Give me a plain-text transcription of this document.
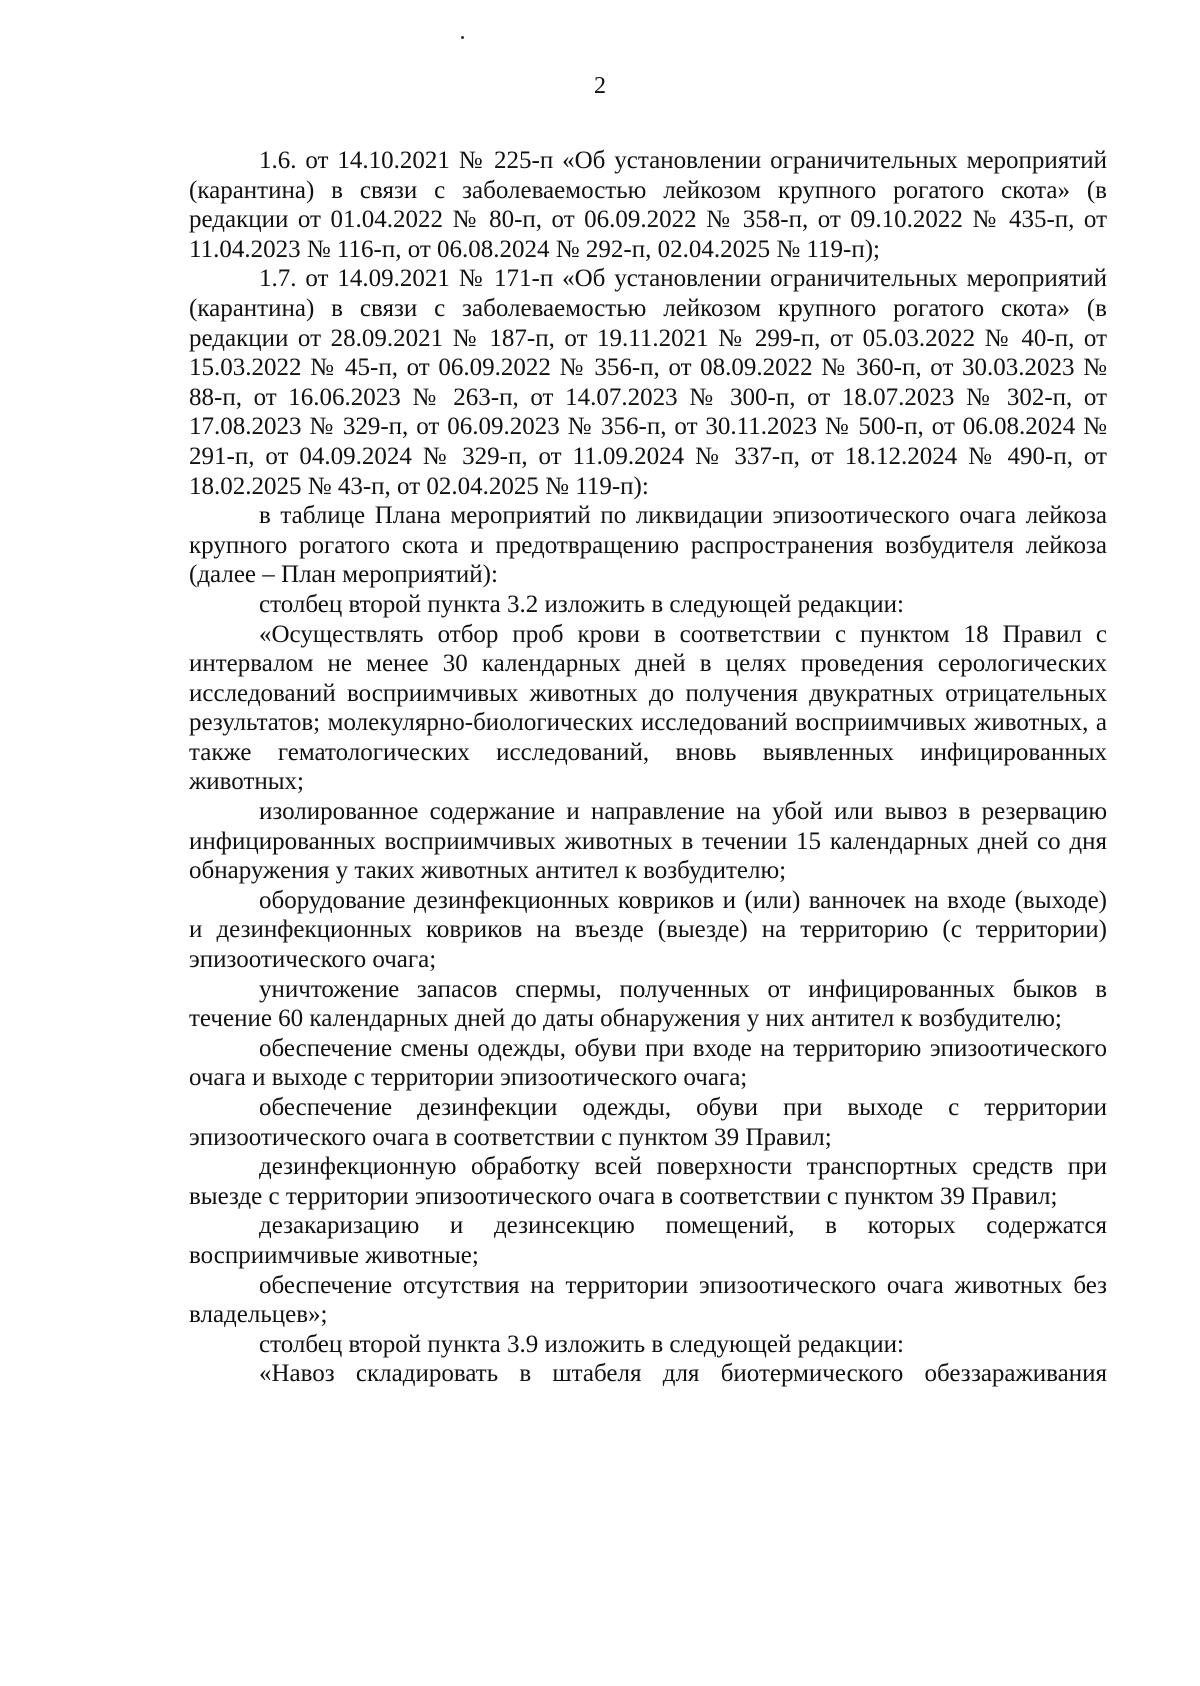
2

1.6. от 14.10.2021 № 225-п «Об установлении ограничительных мероприятий (карантина) в связи с заболеваемостью лейкозом крупного рогатого скота» (в редакции от 01.04.2022 № 80-п, от 06.09.2022 № 358-п, от 09.10.2022 № 435-п, от 11.04.2023 № 116-п, от 06.08.2024 № 292-п, 02.04.2025 № 119-п);

1.7. от 14.09.2021 № 171-п «Об установлении ограничительных мероприятий (карантина) в связи с заболеваемостью лейкозом крупного рогатого скота» (в редакции от 28.09.2021 № 187-п, от 19.11.2021 № 299-п, от 05.03.2022 № 40-п, от 15.03.2022 № 45-п, от 06.09.2022 № 356-п, от 08.09.2022 № 360-п, от 30.03.2023 № 88-п, от 16.06.2023 № 263-п, от 14.07.2023 № 300-п, от 18.07.2023 № 302-п, от 17.08.2023 № 329-п, от 06.09.2023 № 356-п, от 30.11.2023 № 500-п, от 06.08.2024 № 291-п, от 04.09.2024 № 329-п, от 11.09.2024 № 337-п, от 18.12.2024 № 490-п, от 18.02.2025 № 43-п, от 02.04.2025 № 119-п):

в таблице Плана мероприятий по ликвидации эпизоотического очага лейкоза крупного рогатого скота и предотвращению распространения возбудителя лейкоза (далее – План мероприятий):

столбец второй пункта 3.2 изложить в следующей редакции:

«Осуществлять отбор проб крови в соответствии с пунктом 18 Правил с интервалом не менее 30 календарных дней в целях проведения серологических исследований восприимчивых животных до получения двукратных отрицательных результатов; молекулярно-биологических исследований восприимчивых животных, а также гематологических исследований, вновь выявленных инфицированных животных;

изолированное содержание и направление на убой или вывоз в резервацию инфицированных восприимчивых животных в течении 15 календарных дней со дня обнаружения у таких животных антител к возбудителю;

оборудование дезинфекционных ковриков и (или) ванночек на входе (выходе) и дезинфекционных ковриков на въезде (выезде) на территорию (с территории) эпизоотического очага;

уничтожение запасов спермы, полученных от инфицированных быков в течение 60 календарных дней до даты обнаружения у них антител к возбудителю;

обеспечение смены одежды, обуви при входе на территорию эпизоотического очага и выходе с территории эпизоотического очага;

обеспечение дезинфекции одежды, обуви при выходе с территории эпизоотического очага в соответствии с пунктом 39 Правил;

дезинфекционную обработку всей поверхности транспортных средств при выезде с территории эпизоотического очага в соответствии с пунктом 39 Правил;

дезакаризацию и дезинсекцию помещений, в которых содержатся восприимчивые животные;

обеспечение отсутствия на территории эпизоотического очага животных без владельцев»;

столбец второй пункта 3.9 изложить в следующей редакции:

«Навоз складировать в штабеля для биотермического обеззараживания
